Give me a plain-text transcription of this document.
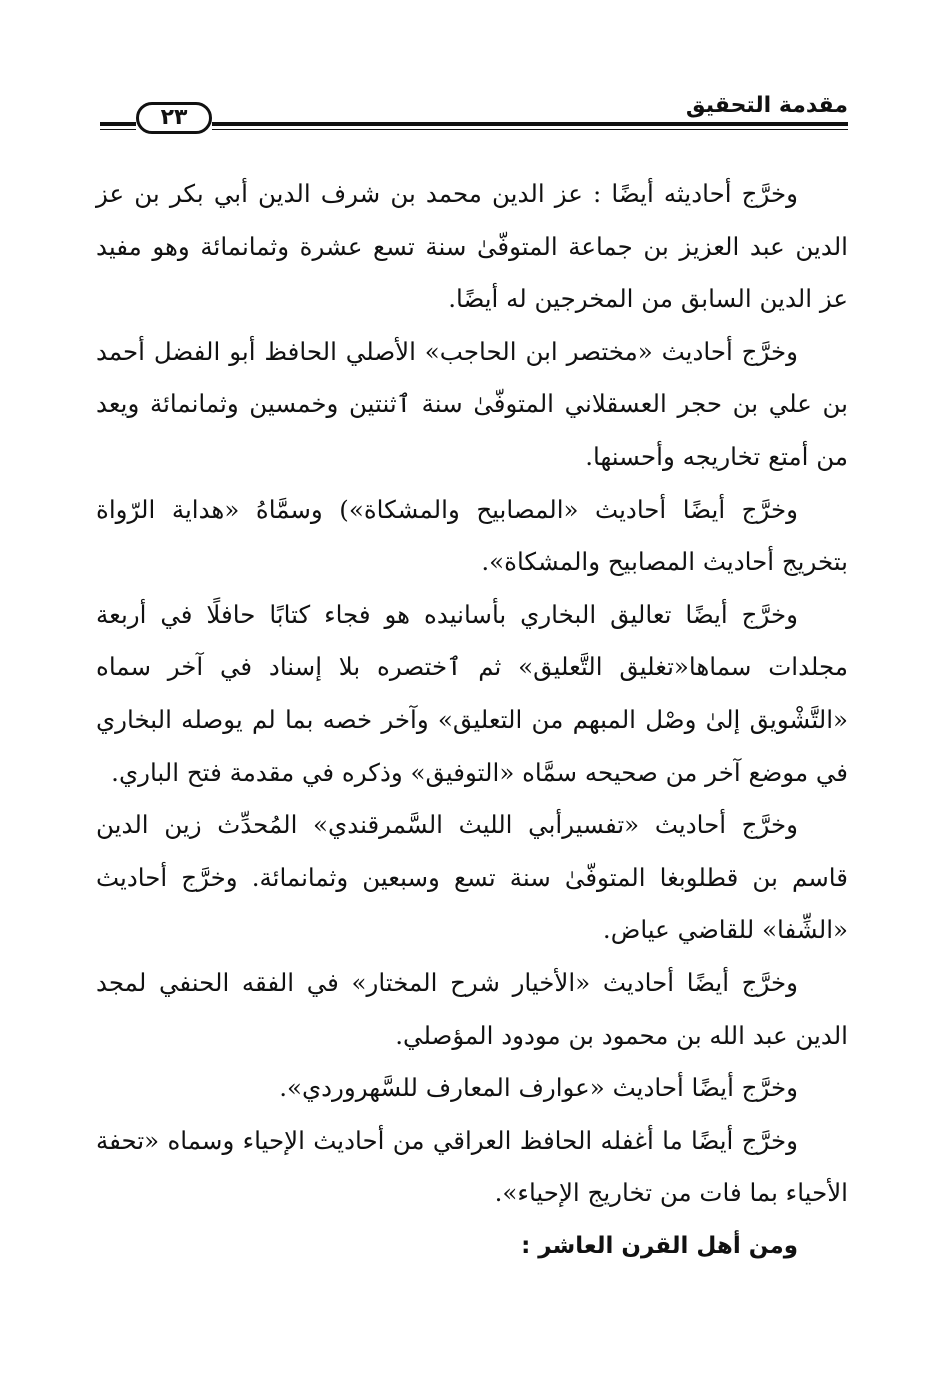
٢٣	مقدمة التحقيق

وخرَّج أحاديثه أيضًا : عز الدين محمد بن شرف الدين أبي بكر بن عز الدين عبد العزيز بن جماعة المتوفّىٰ سنة تسع عشرة وثمانمائة وهو مفيد عز الدين السابق من المخرجين له أيضًا.

وخرَّج أحاديث «مختصر ابن الحاجب» الأصلي الحافظ أبو الفضل أحمد بن علي بن حجر العسقلاني المتوفّىٰ سنة ٱثنتين وخمسين وثمانمائة ويعد من أمتع تخاريجه وأحسنها.

وخرَّج أيضًا أحاديث «المصابيح والمشكاة») وسمَّاهُ «هداية الرّواة بتخريج أحاديث المصابيح والمشكاة».

وخرَّج أيضًا تعاليق البخاري بأسانيده هو فجاء كتابًا حافلًا في أربعة مجلدات سماها«تغليق التَّعليق» ثم ٱختصره بلا إسناد في آخر سماه «التَّشْويق إلىٰ وصْل المبهم من التعليق» وآخر خصه بما لم يوصله البخاري في موضع آخر من صحيحه سمَّاه «التوفيق» وذكره في مقدمة فتح الباري.

وخرَّج أحاديث «تفسيرأبي الليث السَّمرقندي» المُحدِّث زين الدين قاسم بن قطلوبغا المتوفّىٰ سنة تسع وسبعين وثمانمائة. وخرَّج أحاديث «الشِّفا» للقاضي عياض.

وخرَّج أيضًا أحاديث «الأخيار شرح المختار» في الفقه الحنفي لمجد الدين عبد الله بن محمود بن مودود المؤصلي.

وخرَّج أيضًا أحاديث «عوارف المعارف للسَّهروردي».

وخرَّج أيضًا ما أغفله الحافظ العراقي من أحاديث الإحياء وسماه «تحفة الأحياء بما فات من تخاريج الإحياء».

ومن أهل القرن العاشر :
